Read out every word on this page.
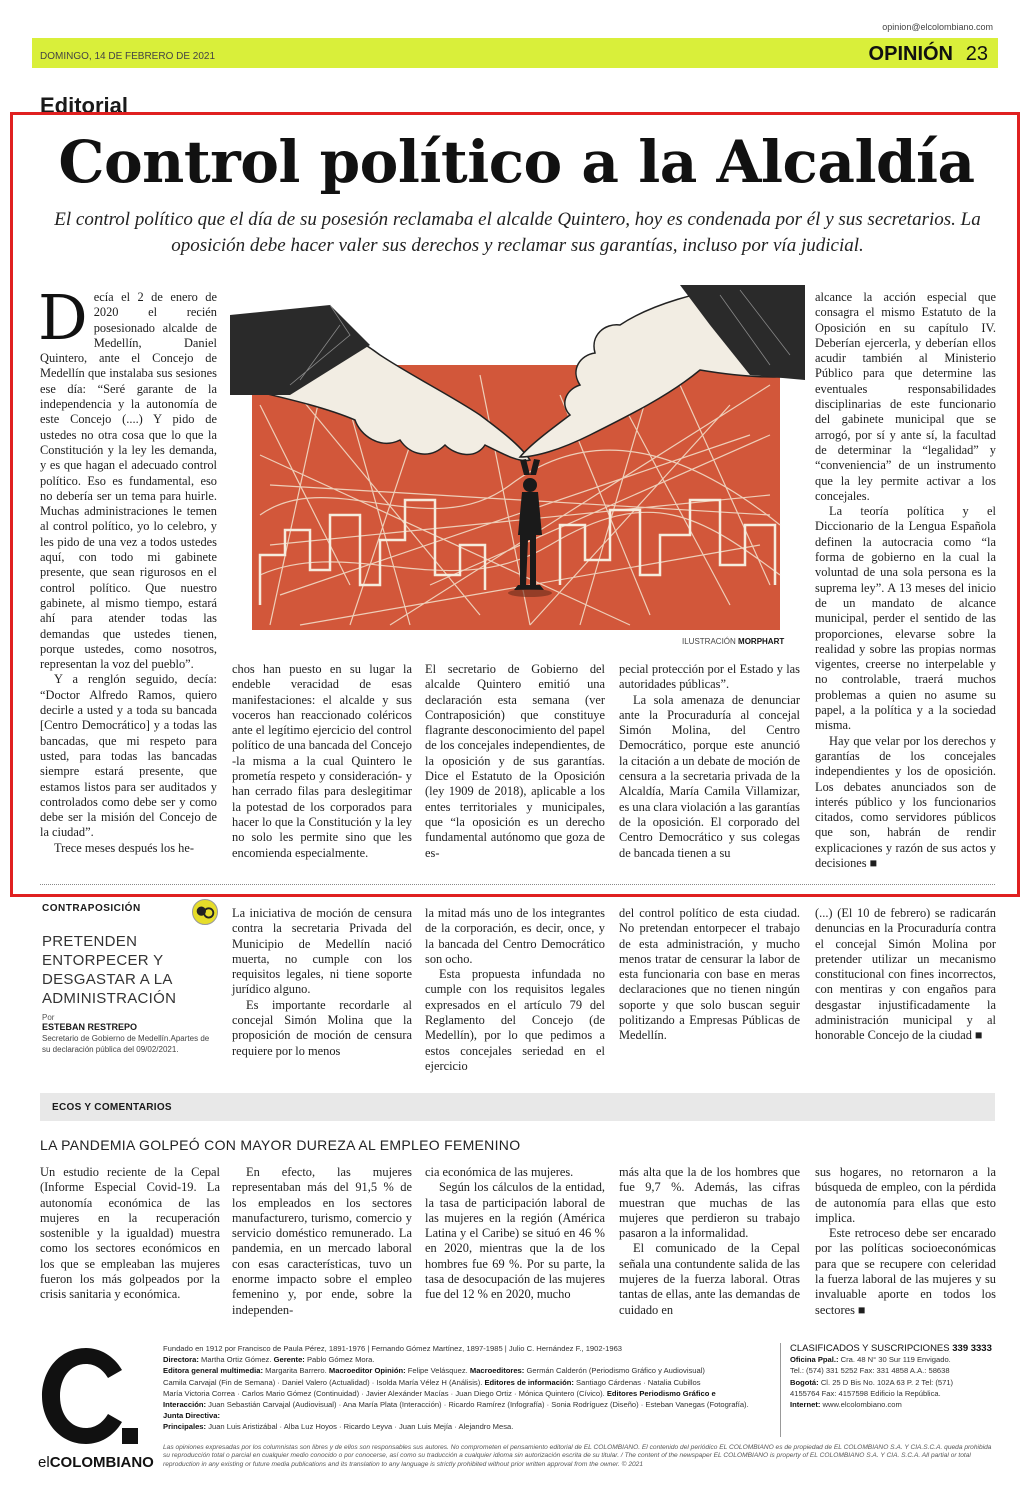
opinion@elcolombiano.com
DOMINGO, 14 DE FEBRERO DE 2021	OPINIÓN 23
Editorial
Control político a la Alcaldía
El control político que el día de su posesión reclamaba el alcalde Quintero, hoy es condenada por él y sus secretarios. La oposición debe hacer valer sus derechos y reclamar sus garantías, incluso por vía judicial.

Decía el 2 de enero de 2020 el recién posesionado alcalde de Medellín, Daniel Quintero, ante el Concejo de Medellín que instalaba sus sesiones ese día: “Seré garante de la independencia y la autonomía de este Concejo (....) Y pido de ustedes no otra cosa que lo que la Constitución y la ley les demanda, y es que hagan el adecuado control político. Eso es fundamental, eso no debería ser un tema para huirle. Muchas administraciones le temen al control político, yo lo celebro, y les pido de una vez a todos ustedes aquí, con todo mi gabinete presente, que sean rigurosos en el control político. Que nuestro gabinete, al mismo tiempo, estará ahí para atender todas las demandas que ustedes tienen, porque ustedes, como nosotros, representan la voz del pueblo”.

Y a renglón seguido, decía: “Doctor Alfredo Ramos, quiero decirle a usted y a toda su bancada [Centro Democrático] y a todas las bancadas, que mi respeto para usted, para todas las bancadas siempre estará presente, que estamos listos para ser auditados y controlados como debe ser y como debe ser la misión del Concejo de la ciudad”.

Trece meses después los he-

ILUSTRACIÓN MORPHART

chos han puesto en su lugar la endeble veracidad de esas manifestaciones: el alcalde y sus voceros han reaccionado coléricos ante el legítimo ejercicio del control político de una bancada del Concejo -la misma a la cual Quintero le prometía respeto y consideración- y han cerrado filas para deslegitimar la potestad de los corporados para hacer lo que la Constitución y la ley no solo les permite sino que les encomienda especialmente.

El secretario de Gobierno del alcalde Quintero emitió una declaración esta semana (ver Contraposición) que constituye flagrante desconocimiento del papel de los concejales independientes, de la oposición y de sus garantías. Dice el Estatuto de la Oposición (ley 1909 de 2018), aplicable a los entes territoriales y municipales, que “la oposición es un derecho fundamental autónomo que goza de es-

pecial protección por el Estado y las autoridades públicas”.

La sola amenaza de denunciar ante la Procuraduría al concejal Simón Molina, del Centro Democrático, porque este anunció la citación a un debate de moción de censura a la secretaria privada de la Alcaldía, María Camila Villamizar, es una clara violación a las garantías de la oposición. El corporado del Centro Democrático y sus colegas de bancada tienen a su

alcance la acción especial que consagra el mismo Estatuto de la Oposición en su capítulo IV. Deberían ejercerla, y deberían ellos acudir también al Ministerio Público para que determine las eventuales responsabilidades disciplinarias de este funcionario del gabinete municipal que se arrogó, por sí y ante sí, la facultad de determinar la “legalidad” y “conveniencia” de un instrumento que la ley permite activar a los concejales.

La teoría política y el Diccionario de la Lengua Española definen la autocracia como “la forma de gobierno en la cual la voluntad de una sola persona es la suprema ley”. A 13 meses del inicio de un mandato de alcance municipal, perder el sentido de las proporciones, elevarse sobre la realidad y sobre las propias normas vigentes, creerse no interpelable y no controlable, traerá muchos problemas a quien no asume su papel, a la política y a la sociedad misma.

Hay que velar por los derechos y garantías de los concejales independientes y los de oposición. Los debates anunciados son de interés público y los funcionarios citados, como servidores públicos que son, habrán de rendir explicaciones y razón de sus actos y decisiones ■

CONTRAPOSICIÓN
PRETENDEN ENTORPECER Y DESGASTAR A LA ADMINISTRACIÓN
Por
ESTEBAN RESTREPO
Secretario de Gobierno de Medellín.Apartes de su declaración pública del 09/02/2021.

La iniciativa de moción de censura contra la secretaria Privada del Municipio de Medellín nació muerta, no cumple con los requisitos legales, ni tiene soporte jurídico alguno.

Es importante recordarle al concejal Simón Molina que la proposición de moción de censura requiere por lo menos

la mitad más uno de los integrantes de la corporación, es decir, once, y la bancada del Centro Democrático son ocho.

Esta propuesta infundada no cumple con los requisitos legales expresados en el artículo 79 del Reglamento del Concejo (de Medellín), por lo que pedimos a estos concejales seriedad en el ejercicio

del control político de esta ciudad. No pretendan entorpecer el trabajo de esta administración, y mucho menos tratar de censurar la labor de esta funcionaria con base en meras declaraciones que no tienen ningún soporte y que solo buscan seguir politizando a Empresas Públicas de Medellín.

(...) (El 10 de febrero) se radicarán denuncias en la Procuraduría contra el concejal Simón Molina por pretender utilizar un mecanismo constitucional con fines incorrectos, con mentiras y con engaños para desgastar injustificadamente la administración municipal y al honorable Concejo de la ciudad ■

ECOS Y COMENTARIOS
LA PANDEMIA GOLPEÓ CON MAYOR DUREZA AL EMPLEO FEMENINO

Un estudio reciente de la Cepal (Informe Especial Covid-19. La autonomía económica de las mujeres en la recuperación sostenible y la igualdad) muestra como los sectores económicos en los que se empleaban las mujeres fueron los más golpeados por la crisis sanitaria y económica.

En efecto, las mujeres representaban más del 91,5 % de los empleados en los sectores manufacturero, turismo, comercio y servicio doméstico remunerado. La pandemia, en un mercado laboral con esas características, tuvo un enorme impacto sobre el empleo femenino y, por ende, sobre la independen-

cia económica de las mujeres.

Según los cálculos de la entidad, la tasa de participación laboral de las mujeres en la región (América Latina y el Caribe) se situó en 46 % en 2020, mientras que la de los hombres fue 69 %. Por su parte, la tasa de desocupación de las mujeres fue del 12 % en 2020, mucho

más alta que la de los hombres que fue 9,7 %. Además, las cifras muestran que muchas de las mujeres que perdieron su trabajo pasaron a la informalidad.

El comunicado de la Cepal señala una contundente salida de las mujeres de la fuerza laboral. Otras tantas de ellas, ante las demandas de cuidado en

sus hogares, no retornaron a la búsqueda de empleo, con la pérdida de autonomía para ellas que esto implica.

Este retroceso debe ser encarado por las políticas socioeconómicas para que se recupere con celeridad la fuerza laboral de las mujeres y su invaluable aporte en todos los sectores ■

elCOLOMBIANO
Fundado en 1912 por Francisco de Paula Pérez, 1891-1976 | Fernando Gómez Martínez, 1897-1985 | Julio C. Hernández F., 1902-1963
Directora: Martha Ortiz Gómez. Gerente: Pablo Gómez Mora.
Editora general multimedia: Margarita Barrero. Macroeditor Opinión: Felipe Velásquez. Macroeditores: Germán Calderón (Periodismo Gráfico y Audiovisual)
Camila Carvajal (Fin de Semana) · Daniel Valero (Actualidad) · Isolda María Vélez H (Análisis). Editores de información: Santiago Cárdenas · Natalia Cubillos
María Victoria Correa · Carlos Mario Gómez (Continuidad) · Javier Alexánder Macías · Juan Diego Ortiz · Mónica Quintero (Cívico). Editores Periodismo Gráfico e
Interacción: Juan Sebastián Carvajal (Audiovisual) · Ana María Plata (Interacción) · Ricardo Ramírez (Infografía) · Sonia Rodríguez (Diseño) · Esteban Vanegas (Fotografía).
Junta Directiva:
Principales: Juan Luis Aristizábal · Alba Luz Hoyos · Ricardo Leyva · Juan Luis Mejía · Alejandro Mesa.
CLASIFICADOS Y SUSCRIPCIONES 339 3333
Oficina Ppal.: Cra. 48 N° 30 Sur 119 Envigado.
Tel.: (574) 331 5252 Fax: 331 4858 A.A.: 58638
Bogotá: Cl. 25 D Bis No. 102A 63 P. 2 Tel: (571)
4155764 Fax: 4157598 Edificio la República.
Internet: www.elcolombiano.com
Las opiniones expresadas por los columnistas son libres y de ellos son responsables sus autores. No comprometen el pensamiento editorial de EL COLOMBIANO. El contenido del periódico EL COLOMBIANO es de propiedad de EL COLOMBIANO S.A. Y CIA.S.C.A. queda prohibida su reproducción total o parcial en cualquier medio conocido o por conocerse, así como su traducción a cualquier idioma sin autorización escrita de su titular. / The content of the newspaper EL COLOMBIANO is property of EL COLOMBIANO S.A. Y CIA. S.C.A. All partial or total reproduction in any existing or future media publications and its translation to any language is strictly prohibited without prior written approval from the owner. © 2021
